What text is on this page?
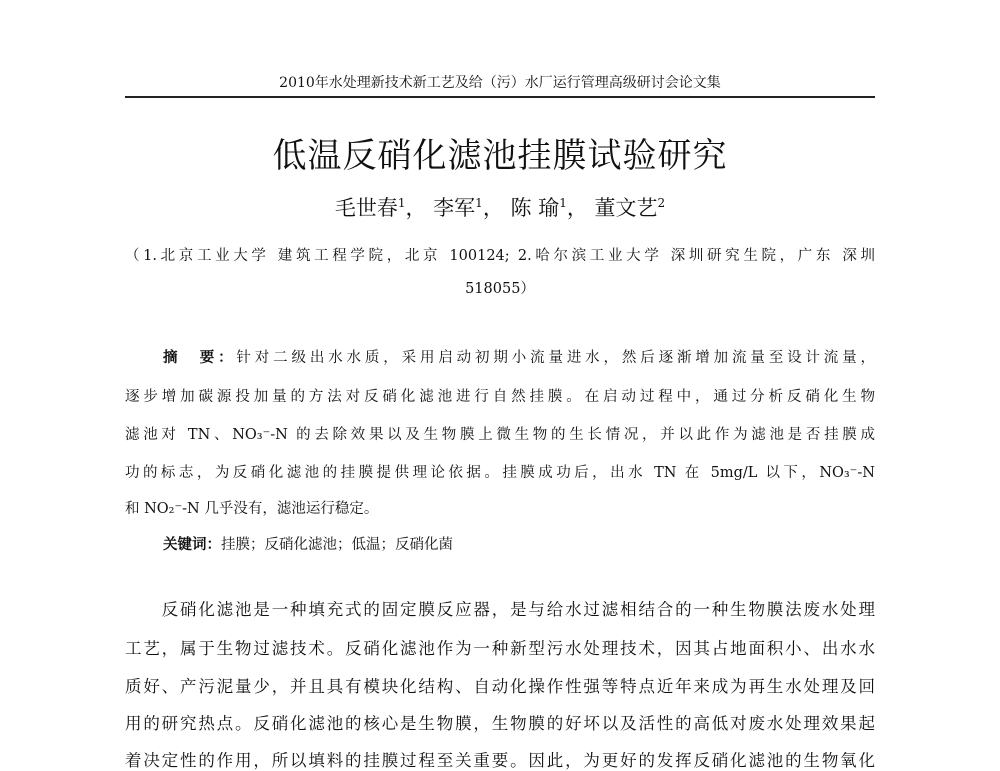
2010年水处理新技术新工艺及给（污）水厂运行管理高级研讨会论文集
低温反硝化滤池挂膜试验研究
毛世春$^1$， 李军$^1$， 陈 瑜$^1$， 董文艺$^2$
（1.北京工业大学 建筑工程学院，北京 100124; 2.哈尔滨工业大学 深圳研究生院，广东 深圳
518055）
摘　要：针对二级出水水质，采用启动初期小流量进水，然后逐渐增加流量至设计流量，
逐步增加碳源投加量的方法对反硝化滤池进行自然挂膜。在启动过程中，通过分析反硝化生物
滤池对 TN、NO₃⁻-N 的去除效果以及生物膜上微生物的生长情况，并以此作为滤池是否挂膜成
功的标志，为反硝化滤池的挂膜提供理论依据。挂膜成功后，出水 TN 在 5mg/L 以下，NO₃⁻-N
和 NO₂⁻-N 几乎没有，滤池运行稳定。
关键词：挂膜；反硝化滤池；低温；反硝化菌
　　反硝化滤池是一种填充式的固定膜反应器，是与给水过滤相结合的一种生物膜法废水处理
工艺，属于生物过滤技术。反硝化滤池作为一种新型污水处理技术，因其占地面积小、出水水
质好、产污泥量少，并且具有模块化结构、自动化操作性强等特点近年来成为再生水处理及回
用的研究热点。反硝化滤池的核心是生物膜，生物膜的好坏以及活性的高低对废水处理效果起
着决定性的作用，所以填料的挂膜过程至关重要。因此，为更好的发挥反硝化滤池的生物氧化
